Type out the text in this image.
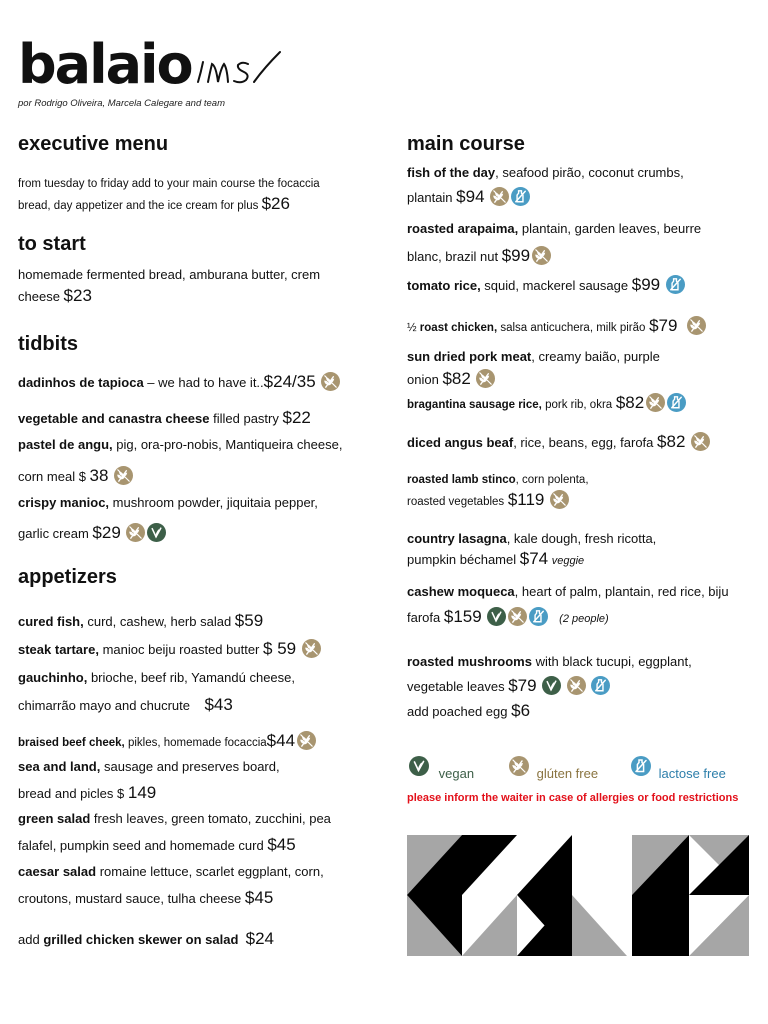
balaio
por Rodrigo Oliveira, Marcela Calegare and team
executive menu
from tuesday to friday add to your main course the focaccia
bread, day appetizer and the ice cream for plus $26
to start
homemade fermented bread, amburana butter, crem
cheese $23
tidbits
dadinhos de tapioca – we had to have it..$24/35
vegetable and canastra cheese filled pastry $22
pastel de angu, pig, ora-pro-nobis, Mantiqueira cheese,
corn meal $ 38
crispy manioc, mushroom powder, jiquitaia pepper,
garlic cream $29
appetizers
cured fish, curd, cashew, herb salad $59
steak tartare, manioc beiju roasted butter $ 59
gauchinho, brioche, beef rib, Yamandú cheese,
chimarrão mayo and chucrute $43
braised beef cheek, pikles, homemade focaccia$44
sea and land, sausage and preserves board,
bread and picles $ 149
green salad fresh leaves, green tomato, zucchini, pea
falafel, pumpkin seed and homemade curd $45
caesar salad romaine lettuce, scarlet eggplant, corn,
croutons, mustard sauce, tulha cheese $45
add grilled chicken skewer on salad $24
main course
fish of the day, seafood pirão, coconut crumbs,
plantain $94
roasted arapaima, plantain, garden leaves, beurre
blanc, brazil nut $99
tomato rice, squid, mackerel sausage $99
½ roast chicken, salsa anticuchera, milk pirão $79
sun dried pork meat, creamy baião, purple
onion $82
bragantina sausage rice, pork rib, okra $82
diced angus beaf, rice, beans, egg, farofa $82
roasted lamb stinco, corn polenta,
roasted vegetables $119
country lasagna, kale dough, fresh ricotta,
pumpkin béchamel $74 veggie
cashew moqueca, heart of palm, plantain, red rice, biju
farofa $159	(2 people)
roasted mushrooms with black tucupi, eggplant,
vegetable leaves $79

add poached egg $6
vegan	glúten free	lactose free
please inform the waiter in case of allergies or food restrictions
